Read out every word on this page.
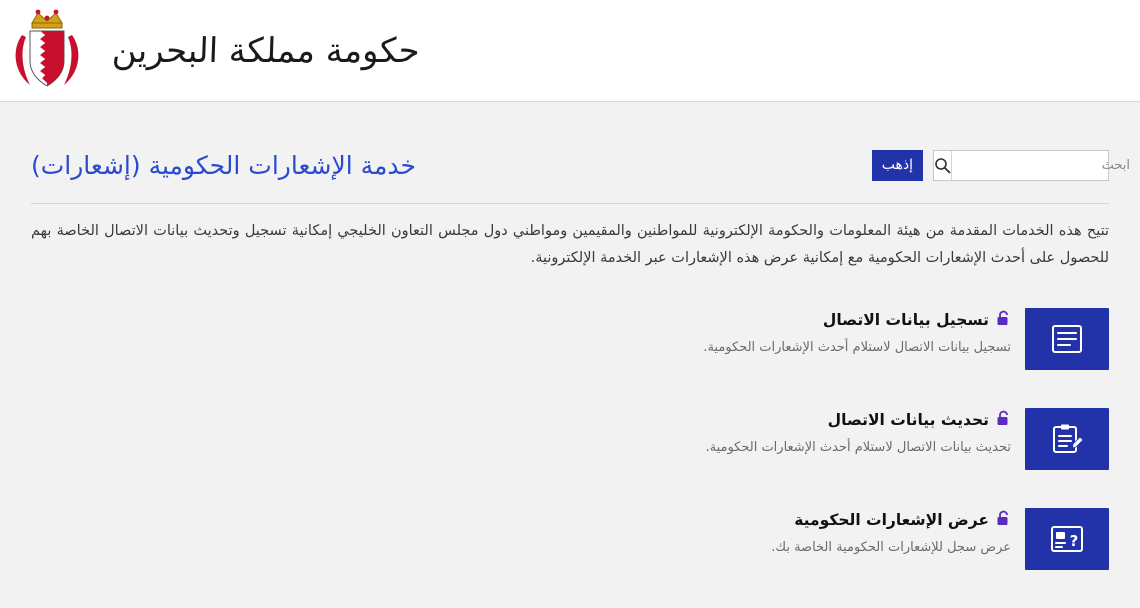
حكومة مملكة البحرين
إذهب
ابحث
خدمة الإشعارات الحكومية (إشعارات)

تتيح هذه الخدمات المقدمة من هيئة المعلومات والحكومة الإلكترونية للمواطنين والمقيمين ومواطني دول مجلس التعاون الخليجي إمكانية تسجيل وتحديث بيانات الاتصال الخاصة بهم للحصول على أحدث الإشعارات الحكومية مع إمكانية عرض هذه الإشعارات عبر الخدمة الإلكترونية.

تسجيل بيانات الاتصال
تسجيل بيانات الاتصال لاستلام أحدث الإشعارات الحكومية.
تحديث بيانات الاتصال
تحديث بيانات الاتصال لاستلام أحدث الإشعارات الحكومية.
?
عرض الإشعارات الحكومية
عرض سجل للإشعارات الحكومية الخاصة بك.
